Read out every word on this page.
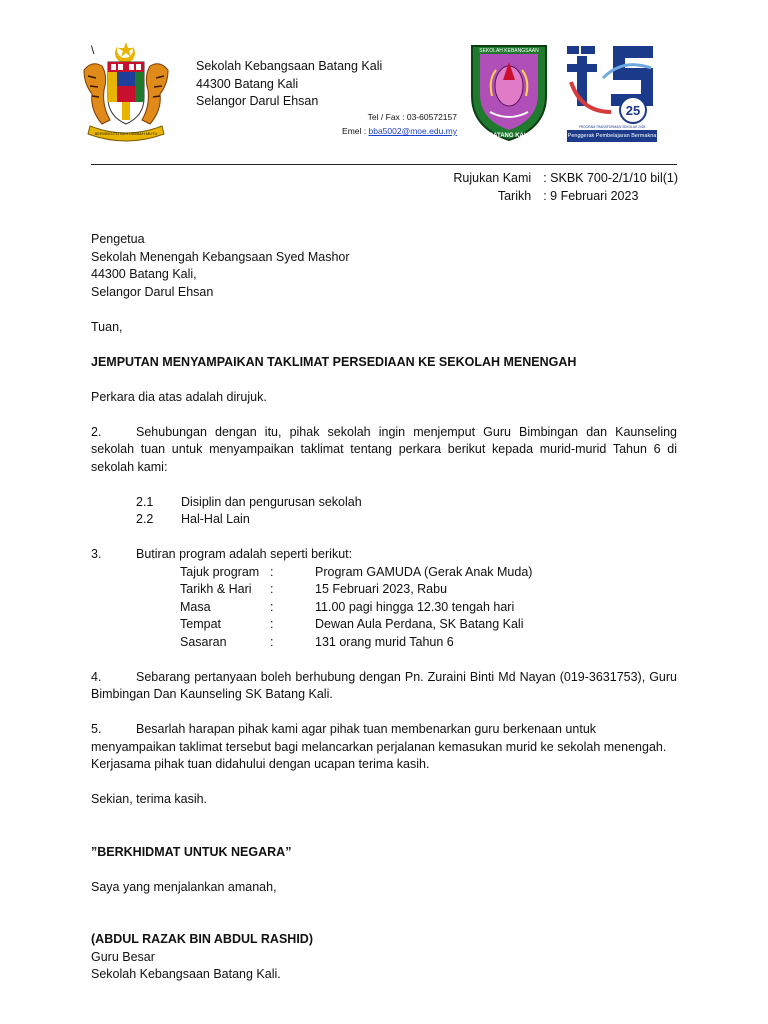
\
BERSEKUTU BERTAMBAH MUTU
Sekolah Kebangsaan Batang Kali
44300 Batang Kali
Selangor Darul Ehsan
Tel / Fax : 03-60572157
Emel : bba5002@moe.edu.my
SEKOLAH KEBANGSAAN
BATANG KALI
25
PROGRAM TRANSFORMASI SEKOLAH 2025
Penggerak Pembelajaran Bermakna
Rujukan Kami	: SKBK 700-2/1/10 bil(1)
Tarikh	: 9 Februari 2023
Pengetua
Sekolah Menengah Kebangsaan Syed Mashor
44300 Batang Kali,
Selangor Darul Ehsan
Tuan,
JEMPUTAN MENYAMPAIKAN TAKLIMAT PERSEDIAAN KE SEKOLAH MENENGAH
Perkara dia atas adalah dirujuk.
2.	Sehubungan dengan itu, pihak sekolah ingin menjemput Guru Bimbingan dan Kaunseling sekolah tuan untuk menyampaikan taklimat tentang perkara berikut kepada murid-murid Tahun 6 di sekolah kami:
2.1	Disiplin dan pengurusan sekolah
2.2	Hal-Hal Lain
3.	Butiran program adalah seperti berikut:
Tajuk program :	Program GAMUDA (Gerak Anak Muda)
Tarikh & Hari	:	15 Februari 2023, Rabu
Masa	:	11.00 pagi hingga 12.30 tengah hari
Tempat	:	Dewan Aula Perdana, SK Batang Kali
Sasaran	:	131 orang murid Tahun 6
4.	Sebarang pertanyaan boleh berhubung dengan Pn. Zuraini Binti Md Nayan (019-3631753), Guru Bimbingan Dan Kaunseling SK Batang Kali.
5.	Besarlah harapan pihak kami agar pihak tuan membenarkan guru berkenaan untuk menyampaikan taklimat tersebut bagi melancarkan perjalanan kemasukan murid ke sekolah menengah. Kerjasama pihak tuan didahului dengan ucapan terima kasih.
Sekian, terima kasih.
”BERKHIDMAT UNTUK NEGARA”
Saya yang menjalankan amanah,
(ABDUL RAZAK BIN ABDUL RASHID)
Guru Besar
Sekolah Kebangsaan Batang Kali.
